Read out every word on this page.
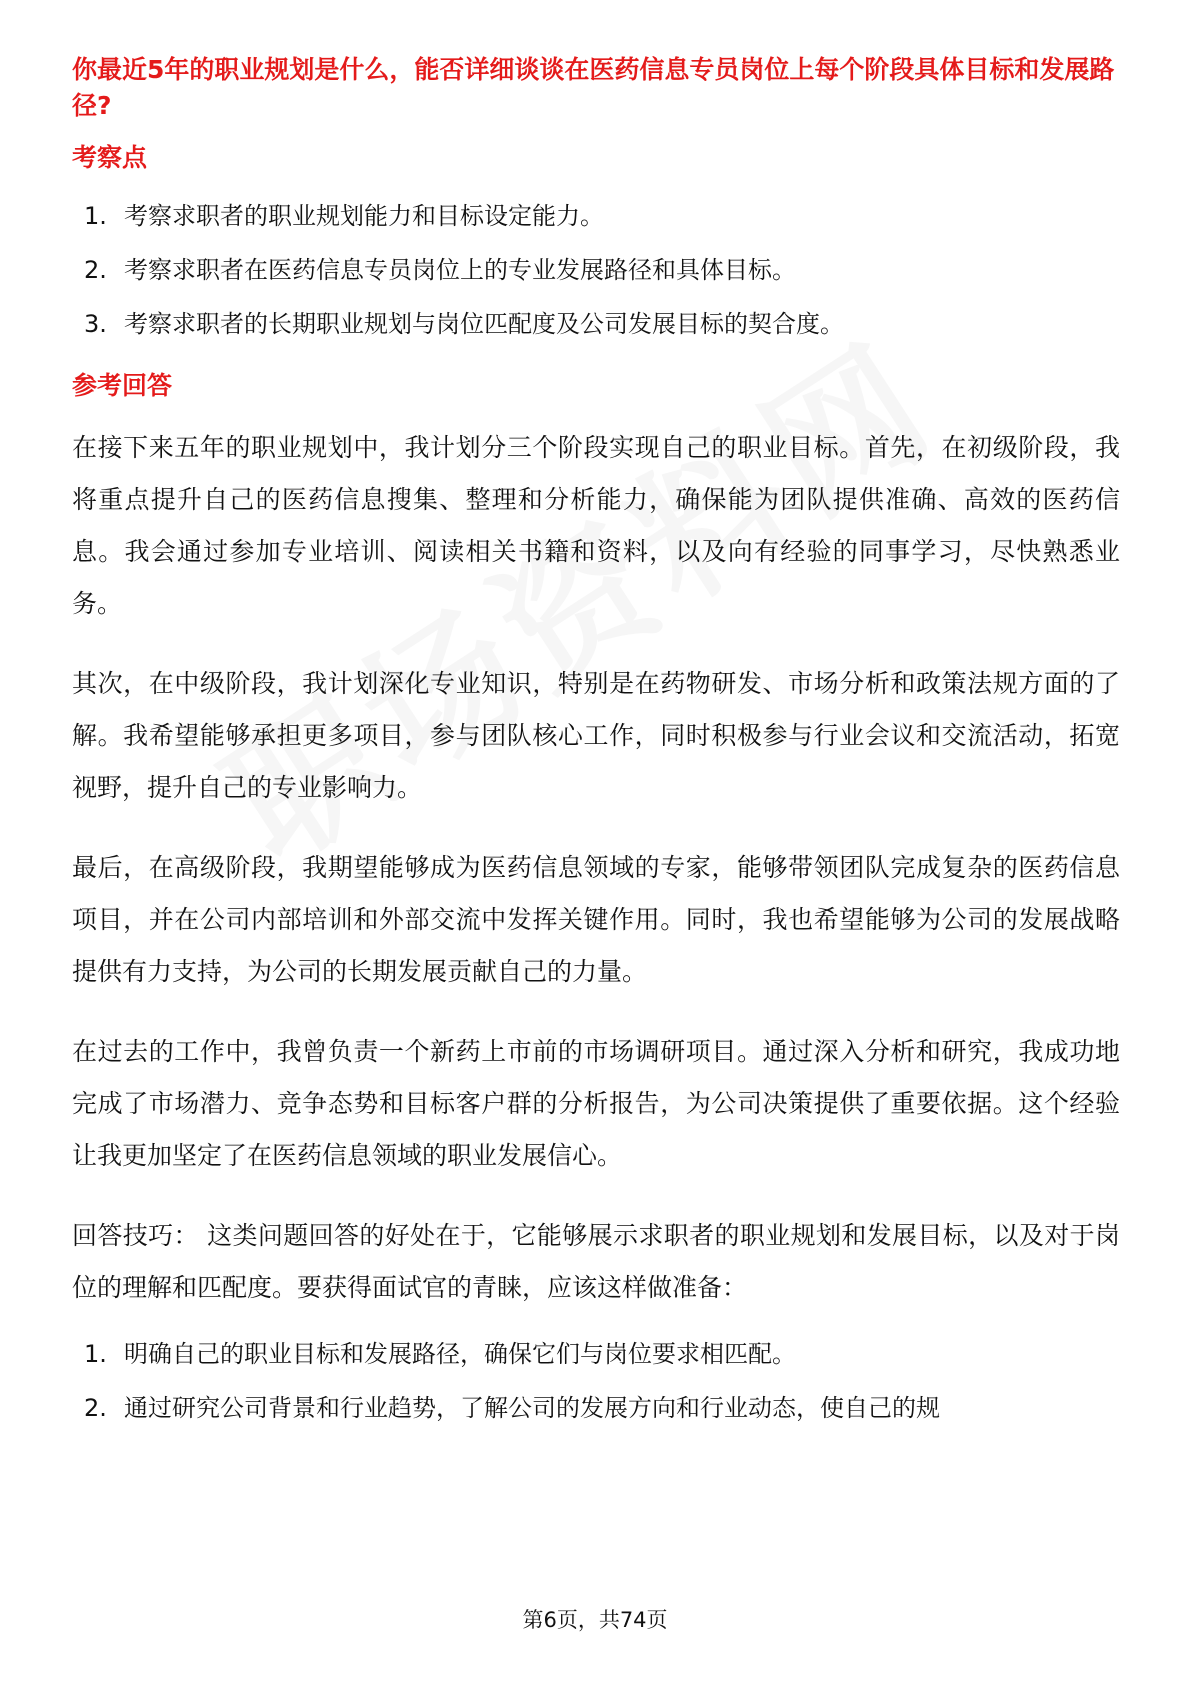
你最近5年的职业规划是什么，能否详细谈谈在医药信息专员岗位上每个阶段具体目标和发展路径?
考察点
1. 考察求职者的职业规划能力和目标设定能力。
2. 考察求职者在医药信息专员岗位上的专业发展路径和具体目标。
3. 考察求职者的长期职业规划与岗位匹配度及公司发展目标的契合度。
参考回答

在接下来五年的职业规划中，我计划分三个阶段实现自己的职业目标。首先，在初级阶段，我将重点提升自己的医药信息搜集、整理和分析能力，确保能为团队提供准确、高效的医药信息。我会通过参加专业培训、阅读相关书籍和资料，以及向有经验的同事学习，尽快熟悉业务。

其次，在中级阶段，我计划深化专业知识，特别是在药物研发、市场分析和政策法规方面的了解。我希望能够承担更多项目，参与团队核心工作，同时积极参与行业会议和交流活动，拓宽视野，提升自己的专业影响力。

最后，在高级阶段，我期望能够成为医药信息领域的专家，能够带领团队完成复杂的医药信息项目，并在公司内部培训和外部交流中发挥关键作用。同时，我也希望能够为公司的发展战略提供有力支持，为公司的长期发展贡献自己的力量。

在过去的工作中，我曾负责一个新药上市前的市场调研项目。通过深入分析和研究，我成功地完成了市场潜力、竞争态势和目标客户群的分析报告，为公司决策提供了重要依据。这个经验让我更加坚定了在医药信息领域的职业发展信心。

回答技巧： 这类问题回答的好处在于，它能够展示求职者的职业规划和发展目标，以及对于岗位的理解和匹配度。要获得面试官的青睐，应该这样做准备：

1. 明确自己的职业目标和发展路径，确保它们与岗位要求相匹配。
2. 通过研究公司背景和行业趋势，了解公司的发展方向和行业动态，使自己的规
第6页，共74页
